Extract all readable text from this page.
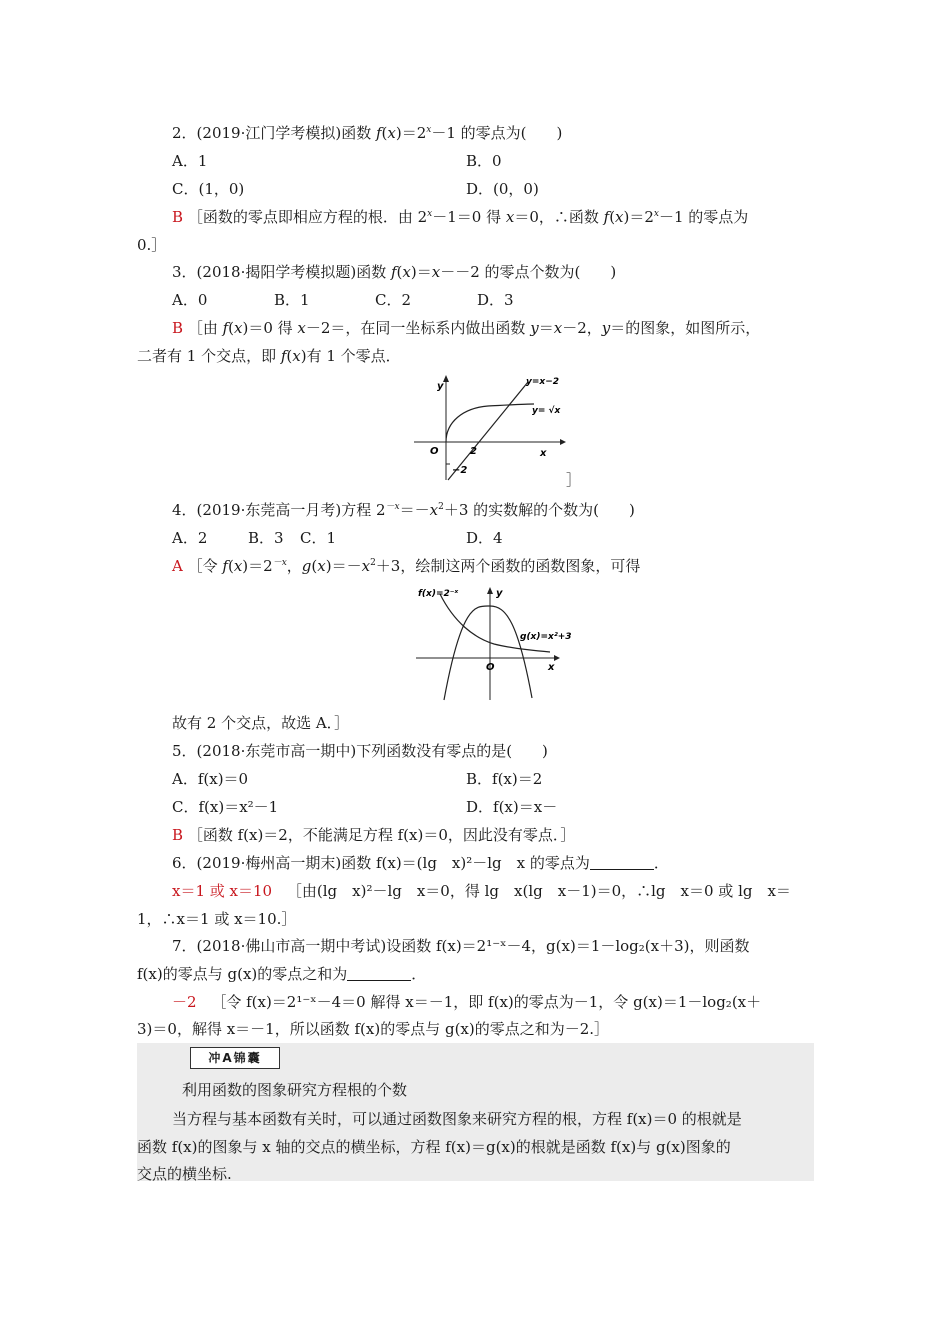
2．(2019·江门学考模拟)函数 $f(x)=2^x-1$ 的零点为(　　)
A．1	B．0
C．(1，0)	D．(0，0)
B ［函数的零点即相应方程的根．由 $2^x-1=0$ 得 x＝0，∴函数 $f(x)=2^x-1$ 的零点为
0.］
3．(2018·揭阳学考模拟题)函数 f(x)＝x－－2 的零点个数为(　　)
A．0	B．1	C．2	D．3
B ［由 f(x)＝0 得 x－2＝，在同一坐标系内做出函数 y＝x－2，y＝的图象，如图所示，
二者有 1 个交点，即 f(x)有 1 个零点．
y
x
O	2
−2
y=x−2
y= √x
］
4．(2019·东莞高一月考)方程 $2^{-x}=-x^2+3$ 的实数解的个数为(　　)
A．2	B．3 C．1	D．4
A ［令 $f(x)=2^{-x}$，$g(x)=-x^2+3$，绘制这两个函数的函数图象，可得
f(x)=2⁻ˣ	y
g(x)=x²+3
x
O
故有 2 个交点，故选 A．］
5．(2018·东莞市高一期中)下列函数没有零点的是(　　)
A．f(x)＝0	B．f(x)＝2
C．f(x)＝x²－1	D．f(x)＝x－
B ［函数 f(x)＝2，不能满足方程 f(x)＝0，因此没有零点．］
6．(2019·梅州高一期末)函数 f(x)＝(lg　x)²－lg　x 的零点为	．
x＝1 或 x＝10 ［由(lg　x)²－lg　x＝0，得 lg　x(lg　x－1)＝0，∴lg　x＝0 或 lg　x＝
1，∴x＝1 或 x＝10.］
7．(2018·佛山市高一期中考试)设函数 f(x)＝2¹⁻ˣ－4，g(x)＝1－log₂(x＋3)，则函数
f(x)的零点与 g(x)的零点之和为	．
－2 ［令 f(x)＝2¹⁻ˣ－4＝0 解得 x＝－1，即 f(x)的零点为－1，令 g(x)＝1－log₂(x＋
3)＝0，解得 x＝－1，所以函数 f(x)的零点与 g(x)的零点之和为－2.］
冲A锦囊
利用函数的图象研究方程根的个数
当方程与基本函数有关时，可以通过函数图象来研究方程的根，方程 f(x)＝0 的根就是
函数 f(x)的图象与 x 轴的交点的横坐标，方程 f(x)＝g(x)的根就是函数 f(x)与 g(x)图象的
交点的横坐标.
